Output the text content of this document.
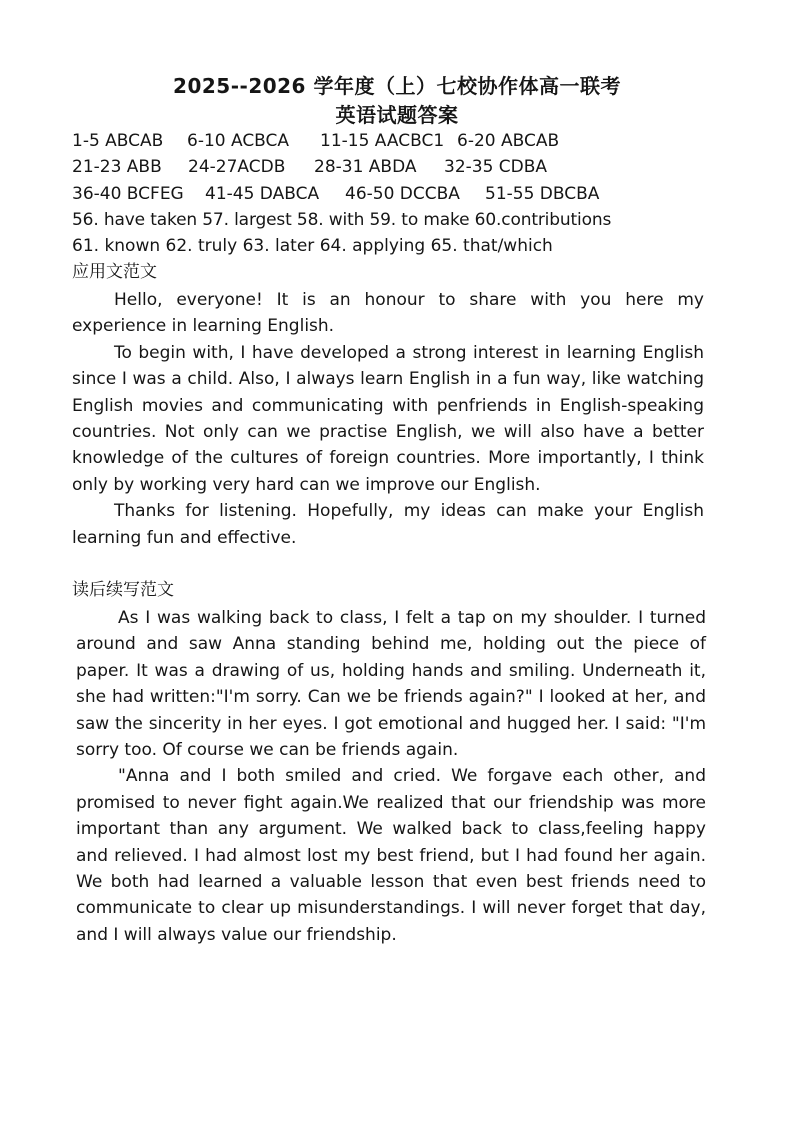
2025--2026 学年度（上）七校协作体高一联考
英语试题答案
1-5 ABCAB 6-10 ACBCA 11-15 AACBC1 6-20 ABCAB
21-23 ABB 24-27ACDB 28-31 ABDA 32-35 CDBA
36-40 BCFEG 41-45 DABCA 46-50 DCCBA 51-55 DBCBA
56. have taken 57. largest 58. with 59. to make 60.contributions
61. known 62. truly 63. later 64. applying 65. that/which
应用文范文

Hello, everyone! It is an honour to share with you here my experience in learning English.

To begin with, I have developed a strong interest in learning English since I was a child. Also, I always learn English in a fun way, like watching English movies and communicating with penfriends in English-speaking countries. Not only can we practise English, we will also have a better knowledge of the cultures of foreign countries. More importantly, I think only by working very hard can we improve our English.

Thanks for listening. Hopefully, my ideas can make your English learning fun and effective.

读后续写范文

As I was walking back to class, I felt a tap on my shoulder. I turned around and saw Anna standing behind me, holding out the piece of paper. It was a drawing of us, holding hands and smiling. Underneath it, she had written:"I'm sorry. Can we be friends again?" I looked at her, and saw the sincerity in her eyes. I got emotional and hugged her. I said: "I'm sorry too. Of course we can be friends again.

"Anna and I both smiled and cried. We forgave each other, and promised to never fight again.We realized that our friendship was more important than any argument. We walked back to class,feeling happy and relieved. I had almost lost my best friend, but I had found her again. We both had learned a valuable lesson that even best friends need to communicate to clear up misunderstandings. I will never forget that day, and I will always value our friendship.
